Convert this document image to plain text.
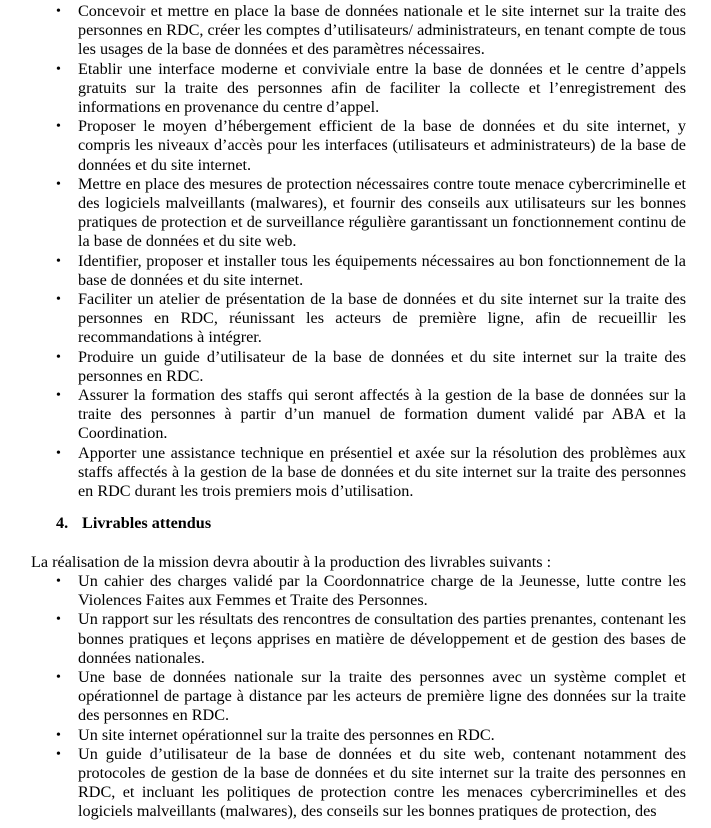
• Concevoir et mettre en place la base de données nationale et le site internet sur la traite des personnes en RDC, créer les comptes d’utilisateurs/ administrateurs, en tenant compte de tous les usages de la base de données et des paramètres nécessaires.
• Etablir une interface moderne et conviviale entre la base de données et le centre d’appels gratuits sur la traite des personnes afin de faciliter la collecte et l’enregistrement des informations en provenance du centre d’appel.
• Proposer le moyen d’hébergement efficient de la base de données et du site internet, y compris les niveaux d’accès pour les interfaces (utilisateurs et administrateurs) de la base de données et du site internet.
• Mettre en place des mesures de protection nécessaires contre toute menace cybercriminelle et des logiciels malveillants (malwares), et fournir des conseils aux utilisateurs sur les bonnes pratiques de protection et de surveillance régulière garantissant un fonctionnement continu de la base de données et du site web.
• Identifier, proposer et installer tous les équipements nécessaires au bon fonctionnement de la base de données et du site internet.
• Faciliter un atelier de présentation de la base de données et du site internet sur la traite des personnes en RDC, réunissant les acteurs de première ligne, afin de recueillir les recommandations à intégrer.
• Produire un guide d’utilisateur de la base de données et du site internet sur la traite des personnes en RDC.
• Assurer la formation des staffs qui seront affectés à la gestion de la base de données sur la traite des personnes à partir d’un manuel de formation dument validé par ABA et la Coordination.
• Apporter une assistance technique en présentiel et axée sur la résolution des problèmes aux staffs affectés à la gestion de la base de données et du site internet sur la traite des personnes en RDC durant les trois premiers mois d’utilisation.
4. Livrables attendus
La réalisation de la mission devra aboutir à la production des livrables suivants :
• Un cahier des charges validé par la Coordonnatrice charge de la Jeunesse, lutte contre les Violences Faites aux Femmes et Traite des Personnes.
• Un rapport sur les résultats des rencontres de consultation des parties prenantes, contenant les bonnes pratiques et leçons apprises en matière de développement et de gestion des bases de données nationales.
• Une base de données nationale sur la traite des personnes avec un système complet et opérationnel de partage à distance par les acteurs de première ligne des données sur la traite des personnes en RDC.
• Un site internet opérationnel sur la traite des personnes en RDC.
• Un guide d’utilisateur de la base de données et du site web, contenant notamment des protocoles de gestion de la base de données et du site internet sur la traite des personnes en RDC, et incluant les politiques de protection contre les menaces cybercriminelles et des logiciels malveillants (malwares), des conseils sur les bonnes pratiques de protection, des
